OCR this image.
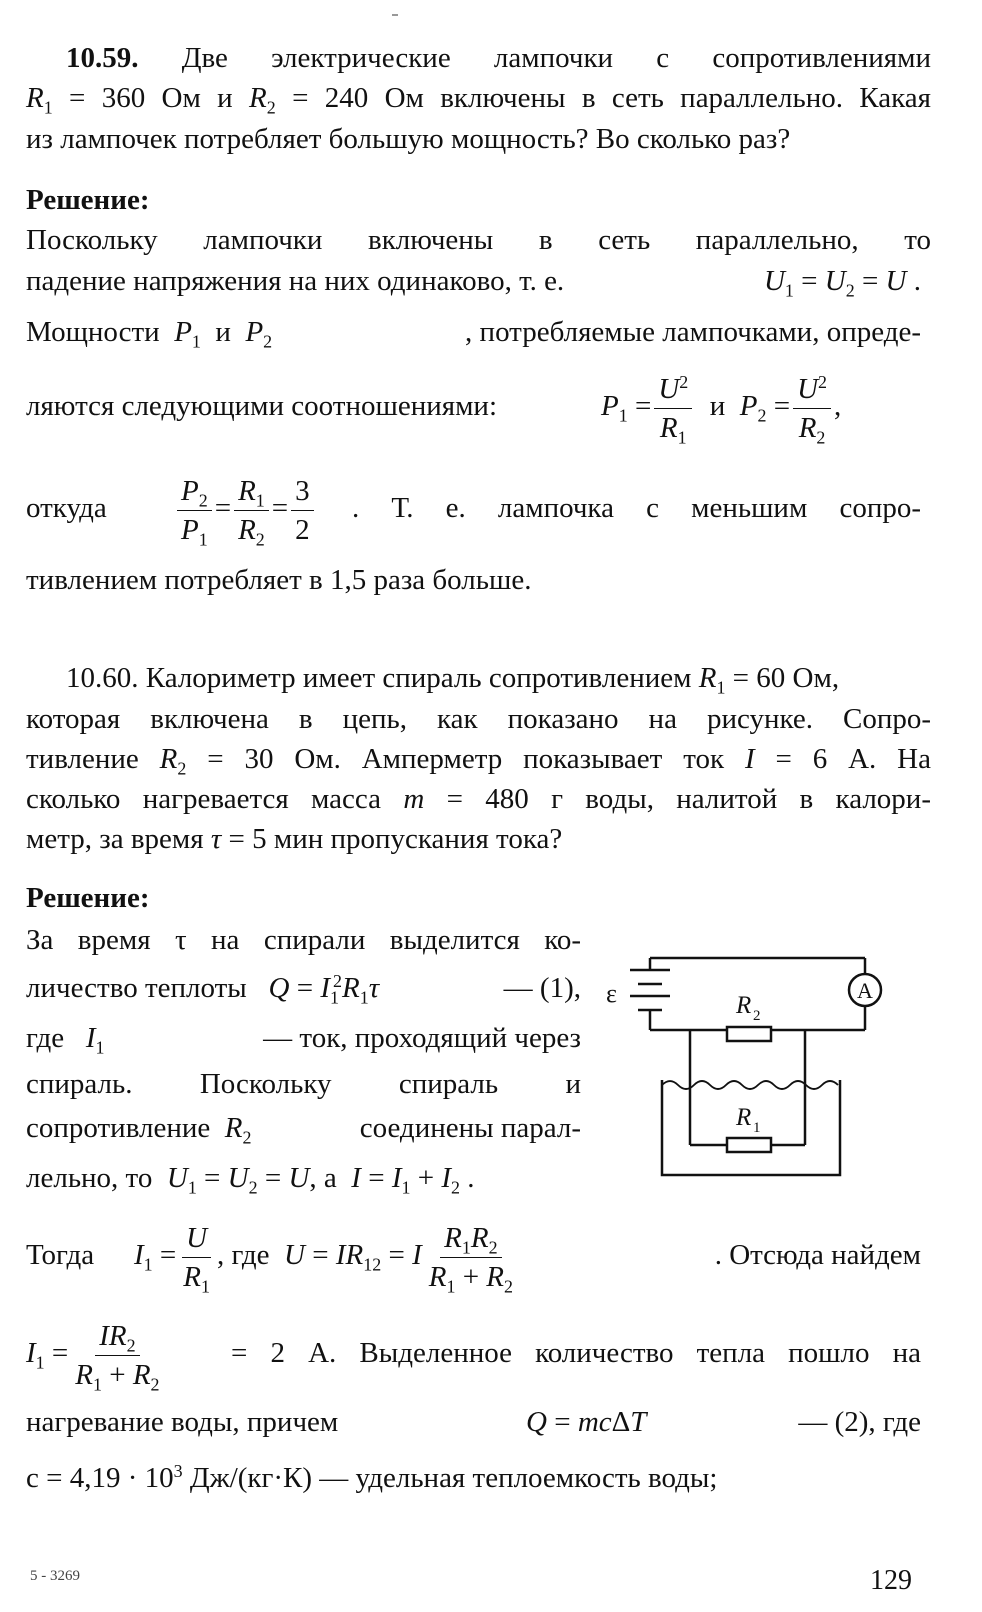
10.59. Две электрические лампочки с сопротивлениями
$R_1 = 360$ Ом и $R_2 = 240$ Ом включены в сеть параллельно. Какая
из лампочек потребляет большую мощность? Во сколько раз?
Решение:
Поскольку лампочки включены в сеть параллельно, то
падение напряжения на них одинаково, т. е.	$U_1 = U_2 = U$ .
Мощности $P_1$ и $P_2$	, потребляемые лампочками, опреде-
ляются следующими соотношениями:	$P_1 = \frac{U^2}{R_1}$ и $P_2 = \frac{U^2}{R_2}$ ,
откуда $\frac{P_2}{P_1} = \frac{R_1}{R_2} = \frac{3}{2}$ . Т. е. лампочка с меньшим сопро-
тивлением потребляет в 1,5 раза больше.
10.60. Калориметр имеет спираль сопротивлением $R_1 = 60$ Ом,
которая включена в цепь, как показано на рисунке. Сопро-
тивление $R_2 = 30$ Ом. Амперметр показывает ток I = 6 А. На
сколько нагревается масса m = 480 г воды, налитой в калори-
метр, за время τ = 5 мин пропускания тока?
Решение:
За время τ на спирали выделится ко-
личество теплоты $Q = I_1^2R_1\tau$	— (1),
где $I_1$	— ток, проходящий через
спираль. Поскольку спираль и
сопротивление $R_2$	соединены парал-
лельно, то $U_1 = U_2 = U$, а $I = I_1 + I_2$ .
Тогда $I_1 = \frac{U}{R_1}$ , где $U = IR_{12} = I \frac{R_1R_2}{R_1 + R_2}$	. Отсюда найдем
$I_1 = \frac{IR_2}{R_1 + R_2} = 2$ А. Выделенное количество тепла пошло на
нагревание воды, причем	Q = mcΔT	— (2), где
$c = 4,19 \cdot 10^3$ Дж/(кг·К) — удельная теплоемкость воды;
ε	A
R 2
R 1
5 - 3269	129
